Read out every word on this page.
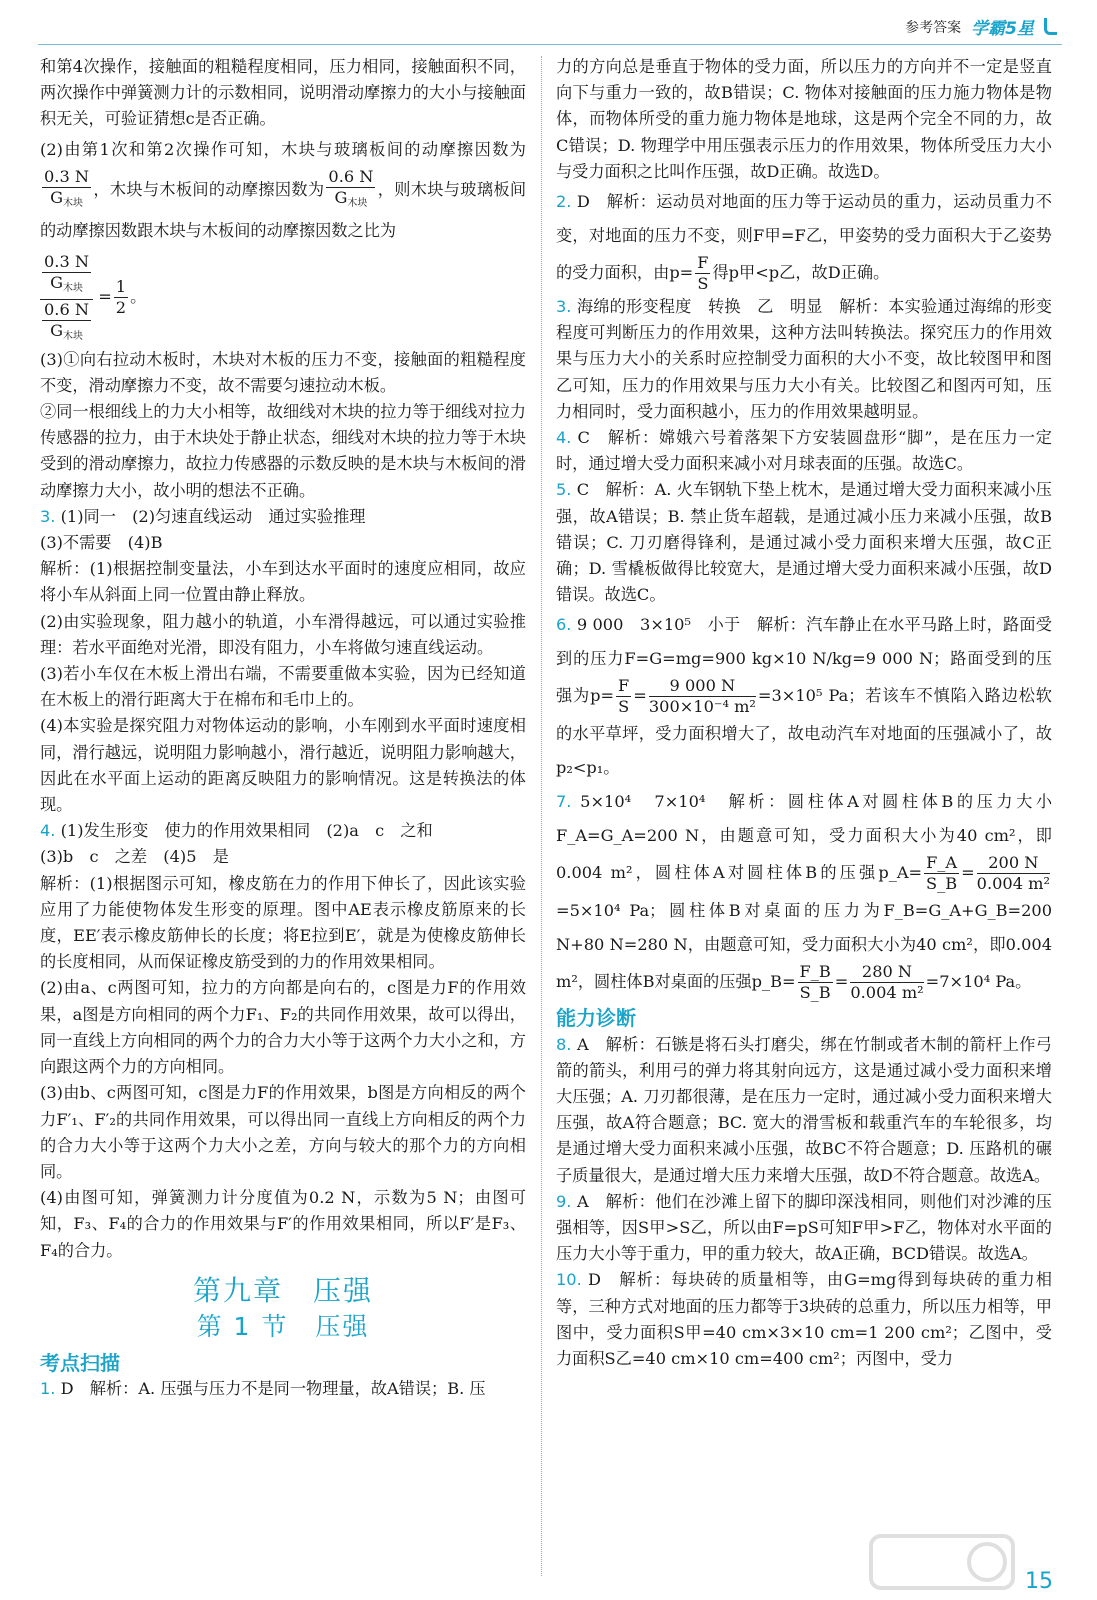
参考答案 学霸5星

和第4次操作，接触面的粗糙程度相同，压力相同，接触面积不同，两次操作中弹簧测力计的示数相同，说明滑动摩擦力的大小与接触面积无关，可验证猜想c是否正确。

(2)由第1次和第2次操作可知，木块与玻璃板间的动摩擦因数为
$\frac{0.3 N}{G_{木块}}$ ，木块与木板间的动摩擦因数为 $\frac{0.6 N}{G_{木块}}$ ，则木块与玻璃板间的动摩擦因数跟木块与木板间的动摩擦因数之比为

$\frac{0.3 N}{G_{木块}}$
$\frac{0.6 N}{G_{木块}}$
= $\frac{1}{2}$ 。

(3)①向右拉动木板时，木块对木板的压力不变，接触面的粗糙程度不变，滑动摩擦力不变，故不需要匀速拉动木板。

②同一根细线上的力大小相等，故细线对木块的拉力等于细线对拉力传感器的拉力，由于木块处于静止状态，细线对木块的拉力等于木块受到的滑动摩擦力，故拉力传感器的示数反映的是木块与木板间的滑动摩擦力大小，故小明的想法不正确。

3. (1)同一　(2)匀速直线运动　通过实验推理

(3)不需要　(4)B

解析：(1)根据控制变量法，小车到达水平面时的速度应相同，故应将小车从斜面上同一位置由静止释放。

(2)由实验现象，阻力越小的轨道，小车滑得越远，可以通过实验推理：若水平面绝对光滑，即没有阻力，小车将做匀速直线运动。

(3)若小车仅在木板上滑出右端，不需要重做本实验，因为已经知道在木板上的滑行距离大于在棉布和毛巾上的。

(4)本实验是探究阻力对物体运动的影响，小车刚到水平面时速度相同，滑行越远，说明阻力影响越小，滑行越近，说明阻力影响越大，因此在水平面上运动的距离反映阻力的影响情况。这是转换法的体现。

4. (1)发生形变　使力的作用效果相同　(2)a　c　之和

(3)b　c　之差　(4)5　是

解析：(1)根据图示可知，橡皮筋在力的作用下伸长了，因此该实验应用了力能使物体发生形变的原理。图中AE表示橡皮筋原来的长度，EE′表示橡皮筋伸长的长度；将E拉到E′，就是为使橡皮筋伸长的长度相同，从而保证橡皮筋受到的力的作用效果相同。

(2)由a、c两图可知，拉力的方向都是向右的，c图是力F的作用效果，a图是方向相同的两个力F₁、F₂的共同作用效果，故可以得出，同一直线上方向相同的两个力的合力大小等于这两个力大小之和，方向跟这两个力的方向相同。

(3)由b、c两图可知，c图是力F的作用效果，b图是方向相反的两个力F′₁、F′₂的共同作用效果，可以得出同一直线上方向相反的两个力的合力大小等于这两个力大小之差，方向与较大的那个力的方向相同。

(4)由图可知，弹簧测力计分度值为0.2 N，示数为5 N；由图可知，F₃、F₄的合力的作用效果与F′的作用效果相同，所以F′是F₃、F₄的合力。

第九章　压强
第 1 节　压强
考点扫描

1. D　解析：A. 压强与压力不是同一物理量，故A错误；B. 压

力的方向总是垂直于物体的受力面，所以压力的方向并不一定是竖直向下与重力一致的，故B错误；C. 物体对接触面的压力施力物体是物体，而物体所受的重力施力物体是地球，这是两个完全不同的力，故C错误；D. 物理学中用压强表示压力的作用效果，物体所受压力大小与受力面积之比叫作压强，故D正确。故选D。

2. D　解析：运动员对地面的压力等于运动员的重力，运动员重力不变，对地面的压力不变，则F甲=F乙，甲姿势的受力面积大于乙姿势的受力面积，由$p= \frac{F}{S}$ 得p甲<p乙，故D正确。

3. 海绵的形变程度　转换　乙　明显　解析：本实验通过海绵的形变程度可判断压力的作用效果，这种方法叫转换法。探究压力的作用效果与压力大小的关系时应控制受力面积的大小不变，故比较图甲和图乙可知，压力的作用效果与压力大小有关。比较图乙和图丙可知，压力相同时，受力面积越小，压力的作用效果越明显。

4. C　解析：嫦娥六号着落架下方安装圆盘形“脚”，是在压力一定时，通过增大受力面积来减小对月球表面的压强。故选C。

5. C　解析：A. 火车钢轨下垫上枕木，是通过增大受力面积来减小压强，故A错误；B. 禁止货车超载，是通过减小压力来减小压强，故B错误；C. 刀刃磨得锋利，是通过减小受力面积来增大压强，故C正确；D. 雪橇板做得比较宽大，是通过增大受力面积来减小压强，故D错误。故选C。

6. 9 000　3×10⁵　小于　解析：汽车静止在水平马路上时，路面受到的压力F=G=mg=900 kg×10 N/kg=9 000 N；路面受到的压强为$p= \frac{F}{S} = \frac{9 000 N}{\text{300×10⁻⁴ m²}} =3\times 10^5$ Pa；若该车不慎陷入路边松软的水平草坪，受力面积增大了，故电动汽车对地面的压强减小了，故p₂<p₁。

7. 5×10⁴　7×10⁴　解析：圆柱体A对圆柱体B的压力大小F_A=G_A=200 N，由题意可知，受力面积大小为40 cm²，即0.004 m²，圆柱体A对圆柱体B的压强p_A= $\frac{F\_A}{S\_B} = \frac{200 N}{\text{0.004 m²}}$
=5×10⁴ Pa；圆柱体B对桌面的压力为F_B=G_A+G_B=200 N+80 N=280 N，由题意可知，受力面积大小为40 cm²，即0.004 m²，圆柱体B对桌面的压强p_B= $\frac{F\_B}{S\_B} = \frac{280 N}{\text{0.004 m²}} =7\times 10^4$ Pa。

能力诊断

8. A　解析：石镞是将石头打磨尖，绑在竹制或者木制的箭杆上作弓箭的箭头，利用弓的弹力将其射向远方，这是通过减小受力面积来增大压强；A. 刀刃都很薄，是在压力一定时，通过减小受力面积来增大压强，故A符合题意；BC. 宽大的滑雪板和载重汽车的车轮很多，均是通过增大受力面积来减小压强，故BC不符合题意；D. 压路机的碾子质量很大，是通过增大压力来增大压强，故D不符合题意。故选A。

9. A　解析：他们在沙滩上留下的脚印深浅相同，则他们对沙滩的压强相等，因S甲>S乙，所以由F=pS可知F甲>F乙，物体对水平面的压力大小等于重力，甲的重力较大，故A正确，BCD错误。故选A。

10. D　解析：每块砖的质量相等，由G=mg得到每块砖的重力相等，三种方式对地面的压力都等于3块砖的总重力，所以压力相等，甲图中，受力面积S甲=40 cm×3×10 cm=1 200 cm²；乙图中，受力面积S乙=40 cm×10 cm=400 cm²；丙图中，受力

15
